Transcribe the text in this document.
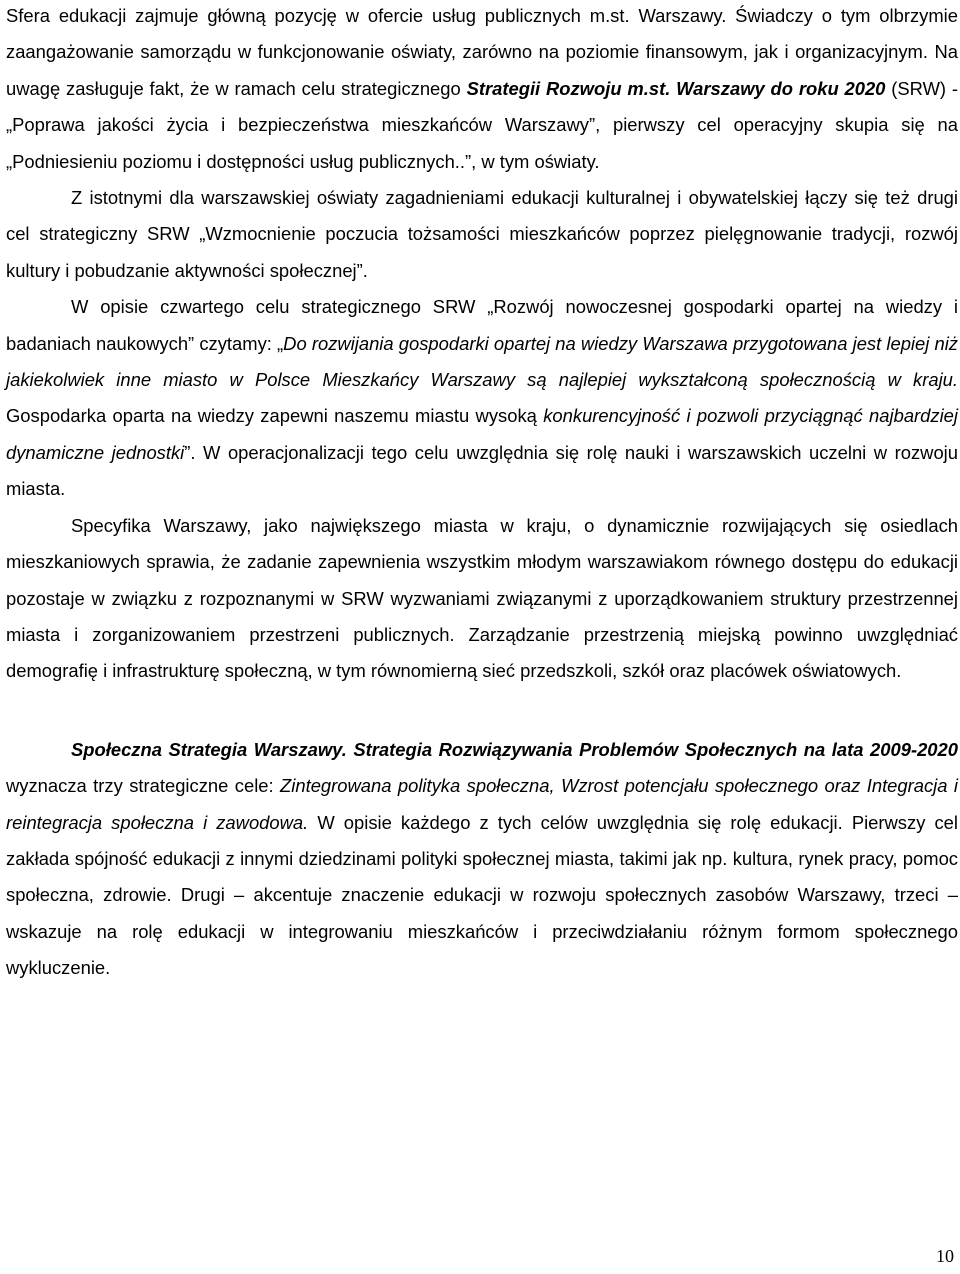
Sfera edukacji zajmuje główną pozycję w ofercie usług publicznych m.st. Warszawy. Świadczy o tym olbrzymie zaangażowanie samorządu w funkcjonowanie oświaty, zarówno na poziomie finansowym, jak i organizacyjnym. Na uwagę zasługuje fakt, że w ramach celu strategicznego Strategii Rozwoju m.st. Warszawy do roku 2020 (SRW) - „Poprawa jakości życia i bezpieczeństwa mieszkańców Warszawy”, pierwszy cel operacyjny skupia się na „Podniesieniu poziomu i dostępności usług publicznych..”, w tym oświaty.

Z istotnymi dla warszawskiej oświaty zagadnieniami edukacji kulturalnej i obywatelskiej łączy się też drugi cel strategiczny SRW „Wzmocnienie poczucia tożsamości mieszkańców poprzez pielęgnowanie tradycji, rozwój kultury i pobudzanie aktywności społecznej”.

W opisie czwartego celu strategicznego SRW „Rozwój nowoczesnej gospodarki opartej na wiedzy i badaniach naukowych” czytamy: „Do rozwijania gospodarki opartej na wiedzy Warszawa przygotowana jest lepiej niż jakiekolwiek inne miasto w Polsce Mieszkańcy Warszawy są najlepiej wykształconą społecznością w kraju. Gospodarka oparta na wiedzy zapewni naszemu miastu wysoką konkurencyjność i pozwoli przyciągnąć najbardziej dynamiczne jednostki”. W operacjonalizacji tego celu uwzględnia się rolę nauki i warszawskich uczelni w rozwoju miasta.

Specyfika Warszawy, jako największego miasta w kraju, o dynamicznie rozwijających się osiedlach mieszkaniowych sprawia, że zadanie zapewnienia wszystkim młodym warszawiakom równego dostępu do edukacji pozostaje w związku z rozpoznanymi w SRW wyzwaniami związanymi z uporządkowaniem struktury przestrzennej miasta i zorganizowaniem przestrzeni publicznych. Zarządzanie przestrzenią miejską powinno uwzględniać demografię i infrastrukturę społeczną, w tym równomierną sieć przedszkoli, szkół oraz placówek oświatowych.

Społeczna Strategia Warszawy. Strategia Rozwiązywania Problemów Społecznych na lata 2009-2020 wyznacza trzy strategiczne cele: Zintegrowana polityka społeczna, Wzrost potencjału społecznego oraz Integracja i reintegracja społeczna i zawodowa. W opisie każdego z tych celów uwzględnia się rolę edukacji. Pierwszy cel zakłada spójność edukacji z innymi dziedzinami polityki społecznej miasta, takimi jak np. kultura, rynek pracy, pomoc społeczna, zdrowie. Drugi – akcentuje znaczenie edukacji w rozwoju społecznych zasobów Warszawy, trzeci – wskazuje na rolę edukacji w integrowaniu mieszkańców i przeciwdziałaniu różnym formom społecznego wykluczenie.

10
